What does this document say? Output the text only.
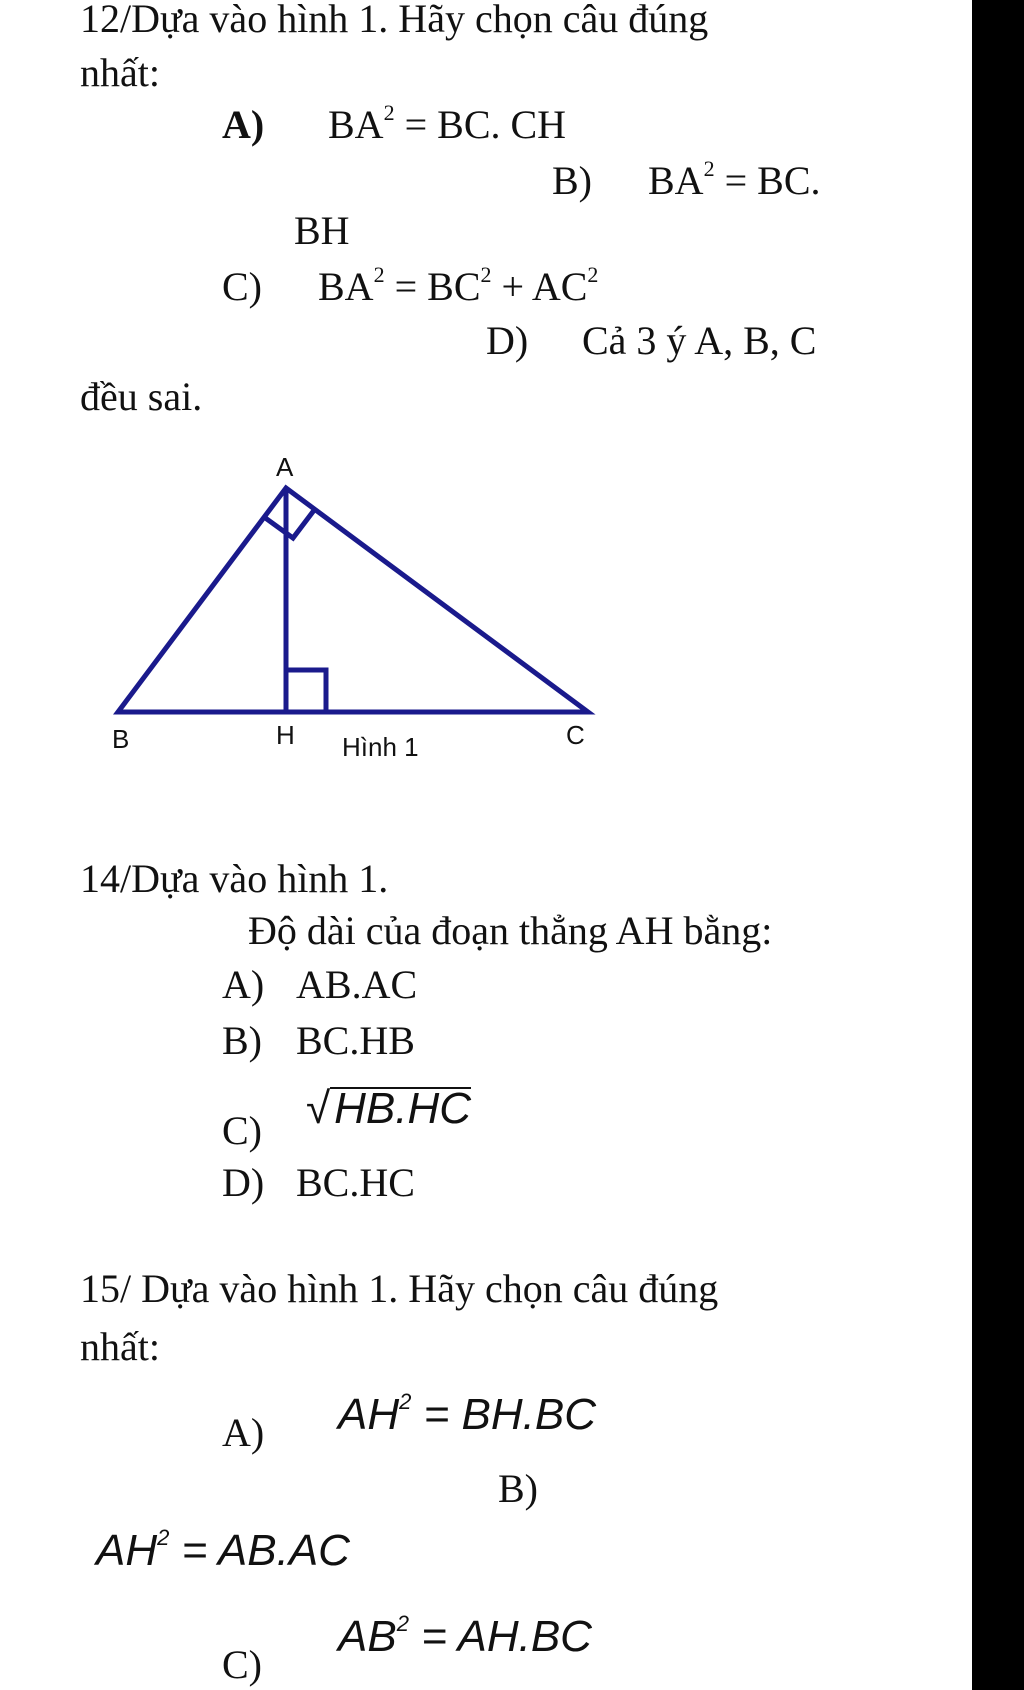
12/Dựa vào hình 1. Hãy chọn câu đúng
nhất:
A) $BA^2$ = BC. CH
B) $BA^2$ = BC.
BH
C) $BA^2 = BC^2 + AC^2$
D) Cả 3 ý A, B, C
đều sai.
A
B	H	C
Hình 1
14/Dựa vào hình 1.
Độ dài của đoạn thẳng AH bằng:
A) AB.AC
B) BC.HB
C) √HB.HC
D) BC.HC
15/ Dựa vào hình 1. Hãy chọn câu đúng
nhất:
A) $AH^2 = BH.BC$
B)
$AH^2 = AB.AC$
C)
$AB^2 = AH.BC$
